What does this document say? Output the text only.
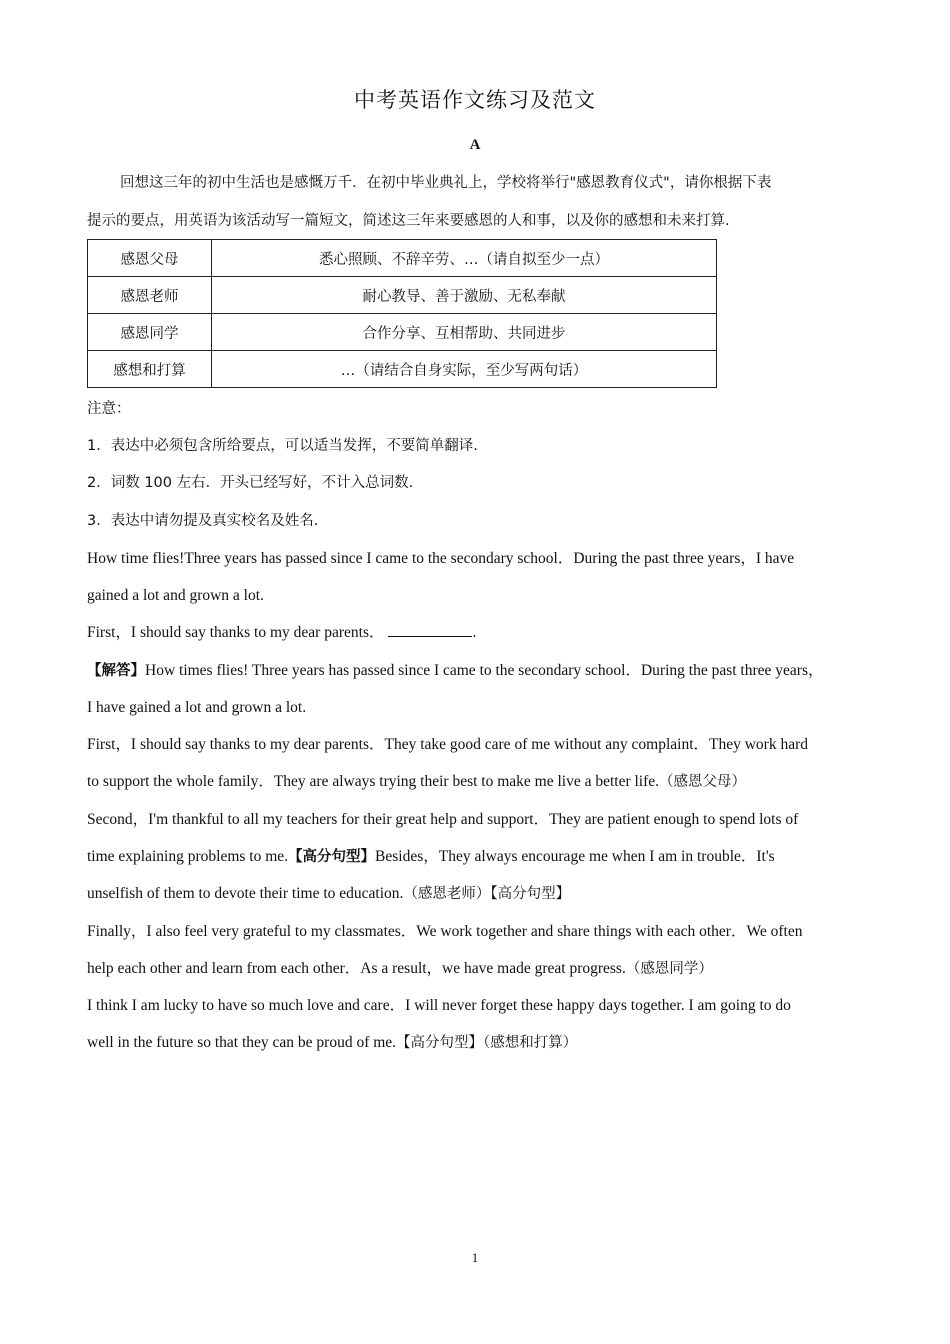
中考英语作文练习及范文
A
回想这三年的初中生活也是感慨万千．在初中毕业典礼上，学校将举行"感恩教育仪式"，请你根据下表
提示的要点，用英语为该活动写一篇短文，简述这三年来要感恩的人和事，以及你的感想和未来打算.
感恩父母	悉心照顾、不辞辛劳、…（请自拟至少一点）
感恩老师	耐心教导、善于激励、无私奉献
感恩同学	合作分享、互相帮助、共同进步
感想和打算	…（请结合自身实际，至少写两句话）
注意：
1．表达中必须包含所给要点，可以适当发挥，不要简单翻译.
2．词数 100 左右．开头已经写好，不计入总词数.
3．表达中请勿提及真实校名及姓名.
How time flies!Three years has passed since I came to the secondary school．During the past three years，I have
gained a lot and grown a lot.
First，I should say thanks to my dear parents．	.
【解答】How times flies! Three years has passed since I came to the secondary school．During the past three years，
I have gained a lot and grown a lot.
First，I should say thanks to my dear parents．They take good care of me without any complaint．They work hard
to support the whole family．They are always trying their best to make me live a better life.（感恩父母）
Second，I'm thankful to all my teachers for their great help and support．They are patient enough to spend lots of
time explaining problems to me.【高分句型】Besides，They always encourage me when I am in trouble．It's
unselfish of them to devote their time to education.（感恩老师）【高分句型】
Finally，I also feel very grateful to my classmates．We work together and share things with each other．We often
help each other and learn from each other．As a result，we have made great progress.（感恩同学）
I think I am lucky to have so much love and care．I will never forget these happy days together. I am going to do
well in the future so that they can be proud of me.【高分句型】（感想和打算）
1
